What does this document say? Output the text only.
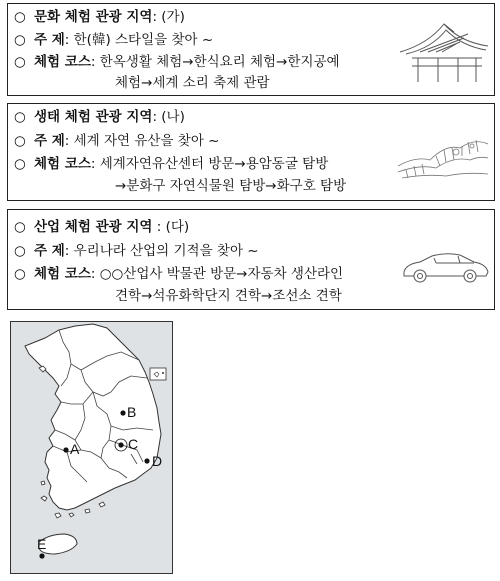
○ 문화 체험 관광 지역: (가)
○ 주 제: 한(韓) 스타일을 찾아 ~
○ 체험 코스: 한옥생활 체험→한식요리 체험→한지공예
체험→세계 소리 축제 관람
○ 생태 체험 관광 지역: (나)
○ 주 제: 세계 자연 유산을 찾아 ~
○ 체험 코스: 세계자연유산센터 방문→용암동굴 탐방
→분화구 자연식물원 탐방→화구호 탐방
○ 산업 체험 관광 지역 : (다)
○ 주 제: 우리나라 산업의 기적을 찾아 ~
○ 체험 코스: ○○산업사 박물관 방문→자동차 생산라인
견학→석유화학단지 견학→조선소 견학
B
A	C
D
E
